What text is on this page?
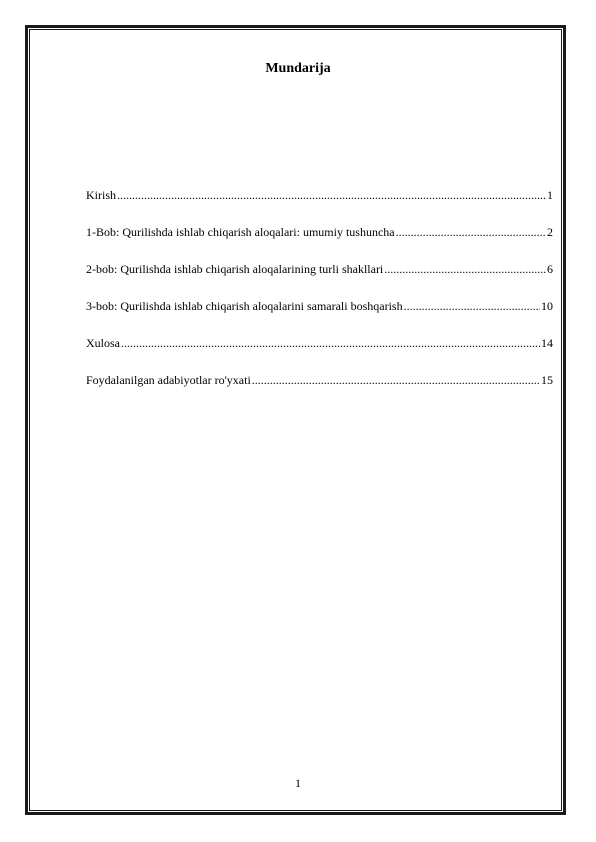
Mundarija
Kirish .....	1
1-Bob: Qurilishda ishlab chiqarish aloqalari: umumiy tushuncha .....	2
2-bob: Qurilishda ishlab chiqarish aloqalarining turli shakllari .....	6
3-bob: Qurilishda ishlab chiqarish aloqalarini samarali boshqarish .....	10
Xulosa .....	14
Foydalanilgan adabiyotlar ro'yxati .....	15
1
